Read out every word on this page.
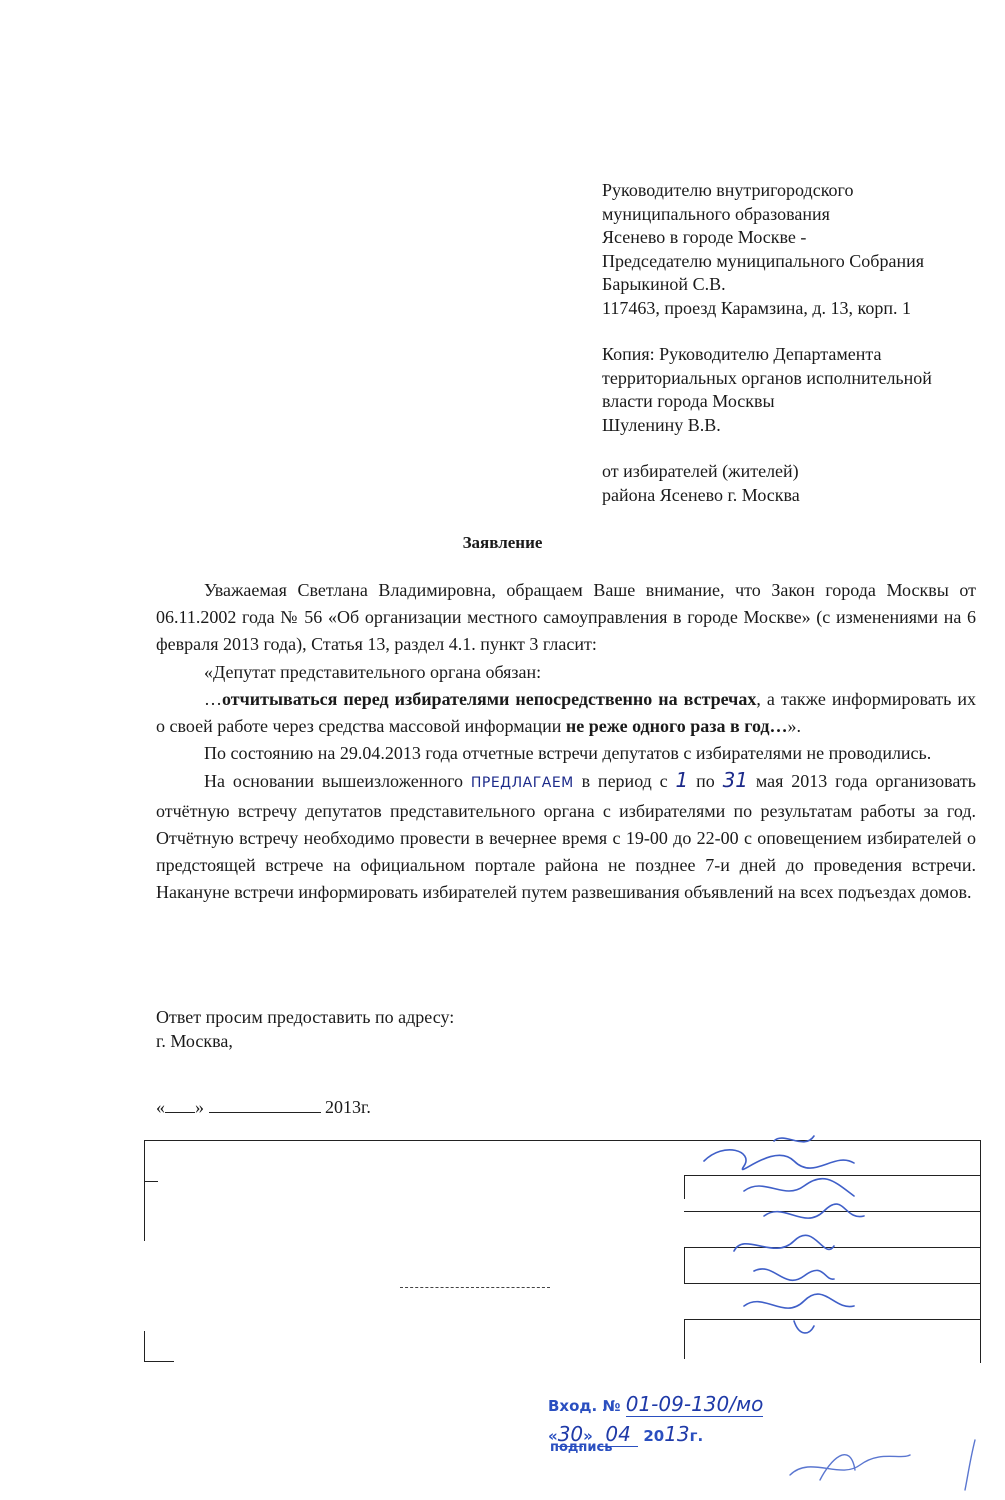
Руководителю внутригородского
муниципального образования
Ясенево в городе Москве -
Председателю муниципального Собрания
Барыкиной С.В.
117463, проезд Карамзина, д. 13, корп. 1
Копия: Руководителю Департамента
территориальных органов исполнительной
власти города Москвы
Шуленину В.В.
от избирателей (жителей)
района Ясенево г. Москва
Заявление

Уважаемая Светлана Владимировна, обращаем Ваше внимание, что Закон города Москвы от 06.11.2002 года № 56 «Об организации местного самоуправления в городе Москве» (с изменениями на 6 февраля 2013 года), Статья 13, раздел 4.1. пункт 3 гласит:

«Депутат представительного органа обязан:

…отчитываться перед избирателями непосредственно на встречах, а также информировать их о своей работе через средства массовой информации не реже одного раза в год…».

По состоянию на 29.04.2013 года отчетные встречи депутатов с избирателями не проводились.

На основании вышеизложенного ПРЕДЛАГАЕМ в период с 1 по 31 мая 2013 года организовать отчётную встречу депутатов представительного органа с избирателями по результатам работы за год. Отчётную встречу необходимо провести в вечернее время с 19-00 до 22-00 с оповещением избирателей о предстоящей встрече на официальном портале района не позднее 7-и дней до проведения встречи. Накануне встречи информировать избирателей путем развешивания объявлений на всех подъездах домов.

Ответ просим предоставить по адресу:
г. Москва,
« »	2013г.
Вход. № 01-09-130/мо
«30» 04 2013г.
подпись
